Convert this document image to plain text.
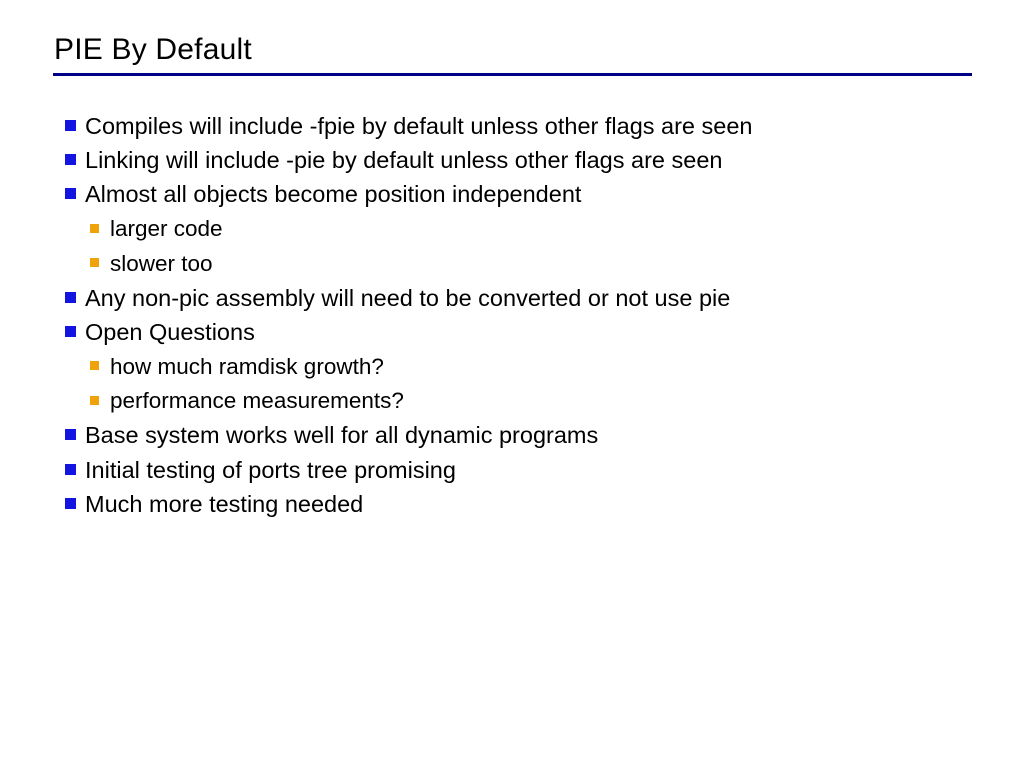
PIE By Default
Compiles will include -fpie by default unless other flags are seen
Linking will include -pie by default unless other flags are seen
Almost all objects become position independent
larger code
slower too
Any non-pic assembly will need to be converted or not use pie
Open Questions
how much ramdisk growth?
performance measurements?
Base system works well for all dynamic programs
Initial testing of ports tree promising
Much more testing needed
